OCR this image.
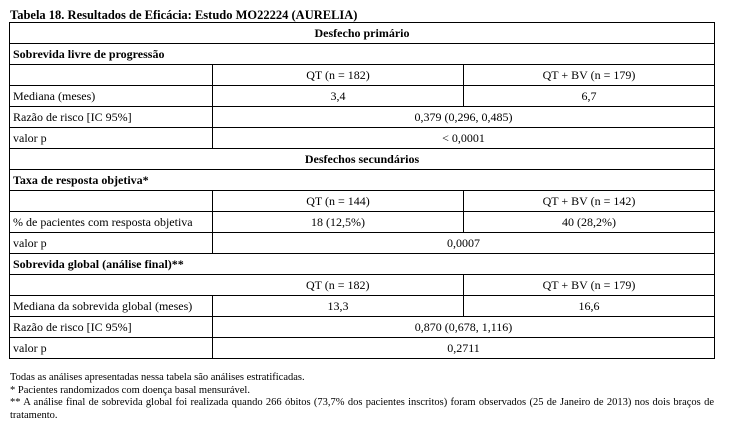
Tabela 18. Resultados de Eficácia: Estudo MO22224 (AURELIA)
Desfecho primário		
Sobrevida livre de progressão		
	QT (n = 182)	QT + BV (n = 179)
Mediana (meses)	3,4	6,7
Razão de risco [IC 95%]	0,379 (0,296, 0,485)	
valor p	< 0,0001	
Desfechos secundários		
Taxa de resposta objetiva*		
	QT (n = 144)	QT + BV (n = 142)
% de pacientes com resposta objetiva	18 (12,5%)	40 (28,2%)
valor p	0,0007	
Sobrevida global (análise final)**		
	QT (n = 182)	QT + BV (n = 179)
Mediana da sobrevida global (meses)	13,3	16,6
Razão de risco [IC 95%]	0,870 (0,678, 1,116)	
valor p	0,2711	

Todas as análises apresentadas nessa tabela são análises estratificadas.

* Pacientes randomizados com doença basal mensurável.

** A análise final de sobrevida global foi realizada quando 266 óbitos (73,7% dos pacientes inscritos) foram observados (25 de Janeiro de 2013) nos dois braços de tratamento.
